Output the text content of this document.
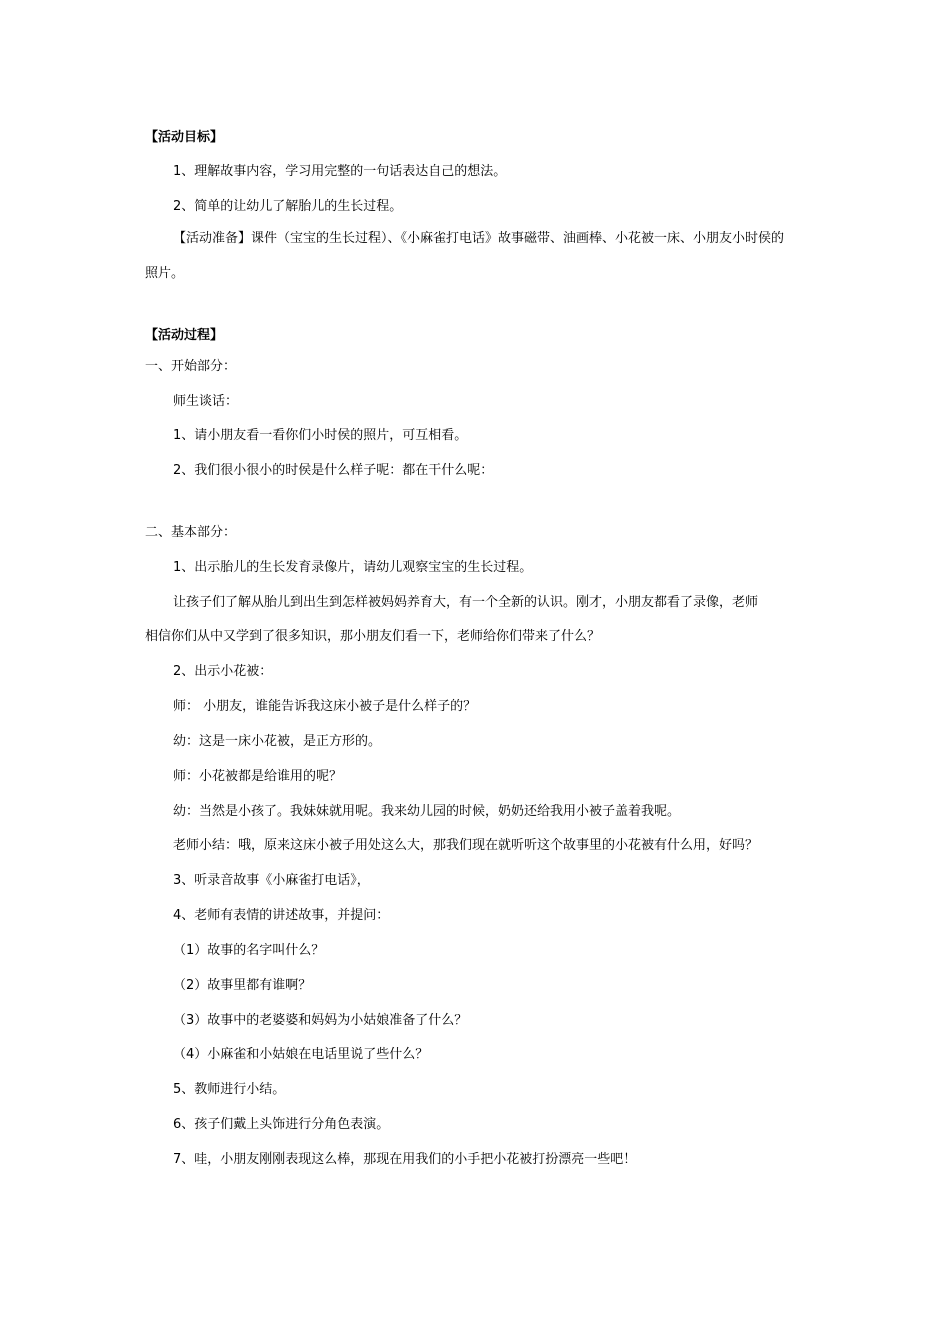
【活动目标】
1、理解故事内容，学习用完整的一句话表达自己的想法。
2、简单的让幼儿了解胎儿的生长过程。
【活动准备】课件（宝宝的生长过程）、《小麻雀打电话》故事磁带、油画棒、小花被一床、小朋友小时侯的
照片。
【活动过程】
一、开始部分：
师生谈话：
1、请小朋友看一看你们小时侯的照片，可互相看。
2、我们很小很小的时侯是什么样子呢：都在干什么呢：
二、基本部分：
1、出示胎儿的生长发育录像片，请幼儿观察宝宝的生长过程。
让孩子们了解从胎儿到出生到怎样被妈妈养育大，有一个全新的认识。刚才，小朋友都看了录像，老师
相信你们从中又学到了很多知识，那小朋友们看一下，老师给你们带来了什么？
2、出示小花被：
师： 小朋友，谁能告诉我这床小被子是什么样子的？
幼：这是一床小花被，是正方形的。
师：小花被都是给谁用的呢？
幼：当然是小孩了。我妹妹就用呢。我来幼儿园的时候，奶奶还给我用小被子盖着我呢。
老师小结：哦，原来这床小被子用处这么大，那我们现在就听听这个故事里的小花被有什么用，好吗？
3、听录音故事《小麻雀打电话》，
4、老师有表情的讲述故事，并提问：
（1）故事的名字叫什么？
（2）故事里都有谁啊？
（3）故事中的老婆婆和妈妈为小姑娘准备了什么？
（4）小麻雀和小姑娘在电话里说了些什么？
5、教师进行小结。
6、孩子们戴上头饰进行分角色表演。
7、哇，小朋友刚刚表现这么棒，那现在用我们的小手把小花被打扮漂亮一些吧！
